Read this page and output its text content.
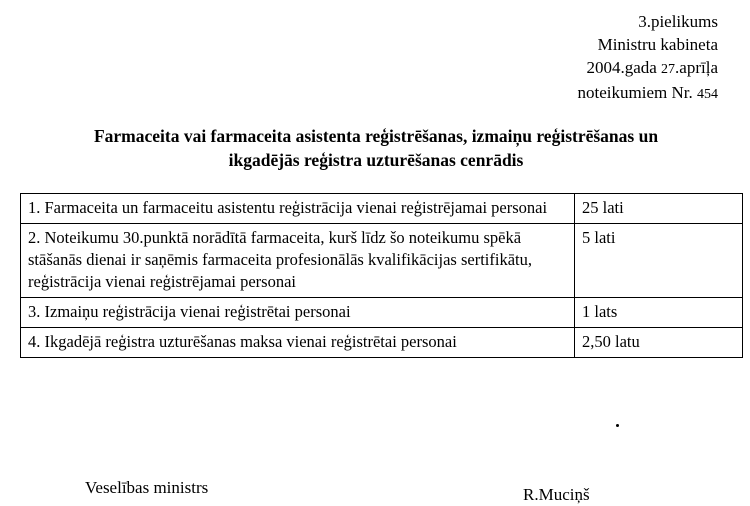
3.pielikums
Ministru kabineta
2004.gada 27.aprīļa
noteikumiem Nr. 454
Farmaceita vai farmaceita asistenta reģistrēšanas, izmaiņu reģistrēšanas un
ikgadējās reģistra uzturēšanas cenrādis
1. Farmaceita un farmaceitu asistentu reģistrācija vienai reģistrējamai personai	25 lati
2. Noteikumu 30.punktā norādītā farmaceita, kurš līdz šo noteikumu spēkā stāšanās dienai ir saņēmis farmaceita profesionālās kvalifikācijas sertifikātu, reģistrācija vienai reģistrējamai personai	5 lati
3. Izmaiņu reģistrācija vienai reģistrētai personai	1 lats
4. Ikgadējā reģistra uzturēšanas maksa vienai reģistrētai personai	2,50 latu
Veselības ministrs	R.Muciņš
